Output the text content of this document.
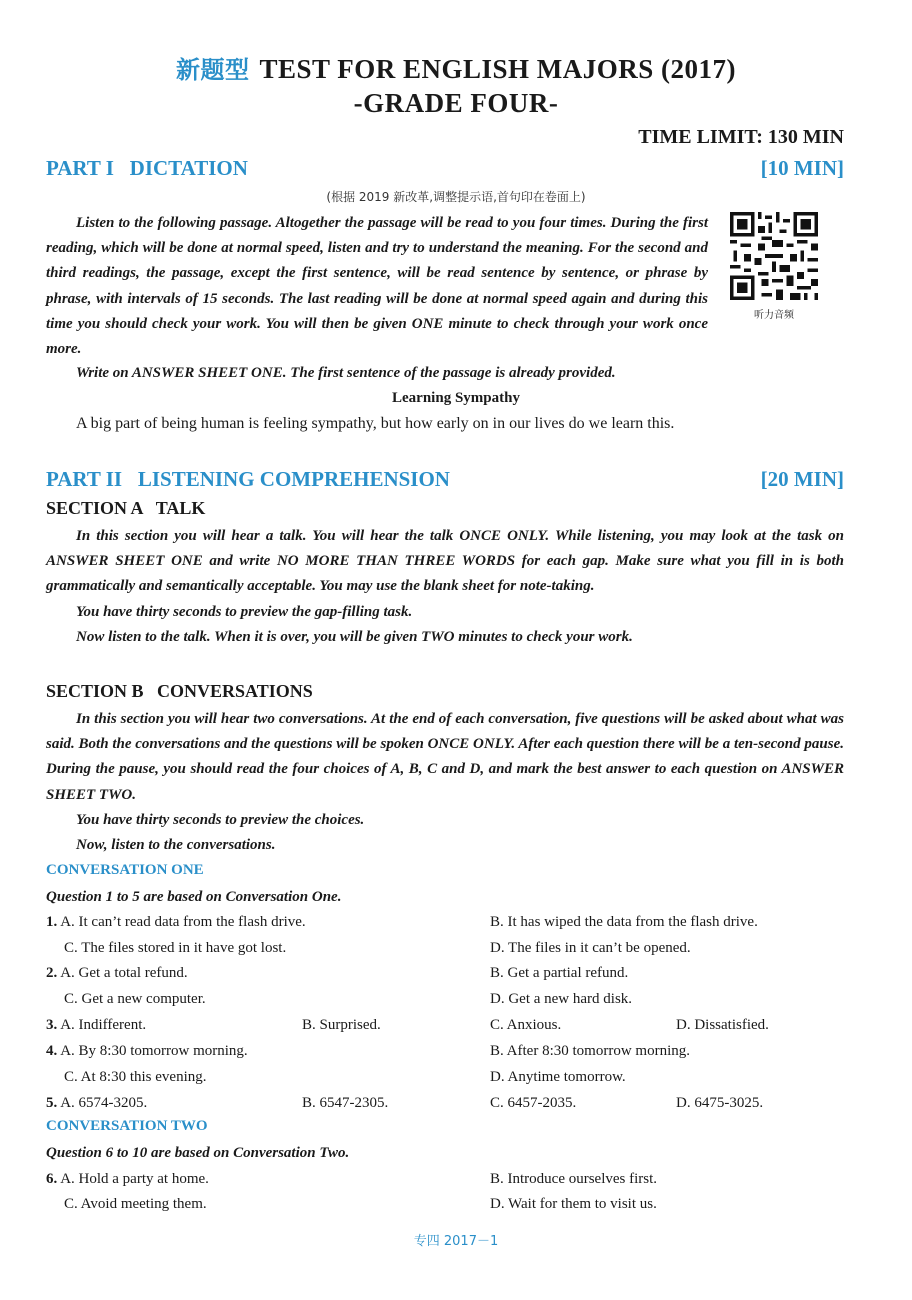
新题型 TEST FOR ENGLISH MAJORS (2017)
-GRADE FOUR-
TIME LIMIT: 130 MIN
PART I   DICTATION	[10 MIN]
(根据 2019 新改革,调整提示语,首句印在卷面上)
Listen to the following passage. Altogether the passage will be read to you four times. During the first reading, which will be done at normal speed, listen and try to understand the meaning. For the second and third readings, the passage, except the first sentence, will be read sentence by sentence, or phrase by phrase, with intervals of 15 seconds. The last reading will be done at normal speed again and during this time you should check your work. You will then be given ONE minute to check through your work once more.
听力音频
Write on ANSWER SHEET ONE. The first sentence of the passage is already provided.
Learning Sympathy
A big part of being human is feeling sympathy, but how early on in our lives do we learn this.
PART II   LISTENING COMPREHENSION	[20 MIN]
SECTION A   TALK
In this section you will hear a talk. You will hear the talk ONCE ONLY. While listening, you may look at the task on ANSWER SHEET ONE and write NO MORE THAN THREE WORDS for each gap. Make sure what you fill in is both grammatically and semantically acceptable. You may use the blank sheet for note-taking.
You have thirty seconds to preview the gap-filling task.
Now listen to the talk. When it is over, you will be given TWO minutes to check your work.
SECTION B   CONVERSATIONS
In this section you will hear two conversations. At the end of each conversation, five questions will be asked about what was said. Both the conversations and the questions will be spoken ONCE ONLY. After each question there will be a ten-second pause. During the pause, you should read the four choices of A, B, C and D, and mark the best answer to each question on ANSWER SHEET TWO.
You have thirty seconds to preview the choices.
Now, listen to the conversations.
CONVERSATION ONE
Question 1 to 5 are based on Conversation One.
1. A. It can’t read data from the flash drive.	B. It has wiped the data from the flash drive.
C. The files stored in it have got lost.	D. The files in it can’t be opened.
2. A. Get a total refund.	B. Get a partial refund.
C. Get a new computer.	D. Get a new hard disk.
3. A. Indifferent.	B. Surprised.	C. Anxious.	D. Dissatisfied.
4. A. By 8:30 tomorrow morning.	B. After 8:30 tomorrow morning.
C. At 8:30 this evening.	D. Anytime tomorrow.
5. A. 6574-3205.	B. 6547-2305.	C. 6457-2035.	D. 6475-3025.
CONVERSATION TWO
Question 6 to 10 are based on Conversation Two.
6. A. Hold a party at home.	B. Introduce ourselves first.
C. Avoid meeting them.	D. Wait for them to visit us.
专四 2017－1
